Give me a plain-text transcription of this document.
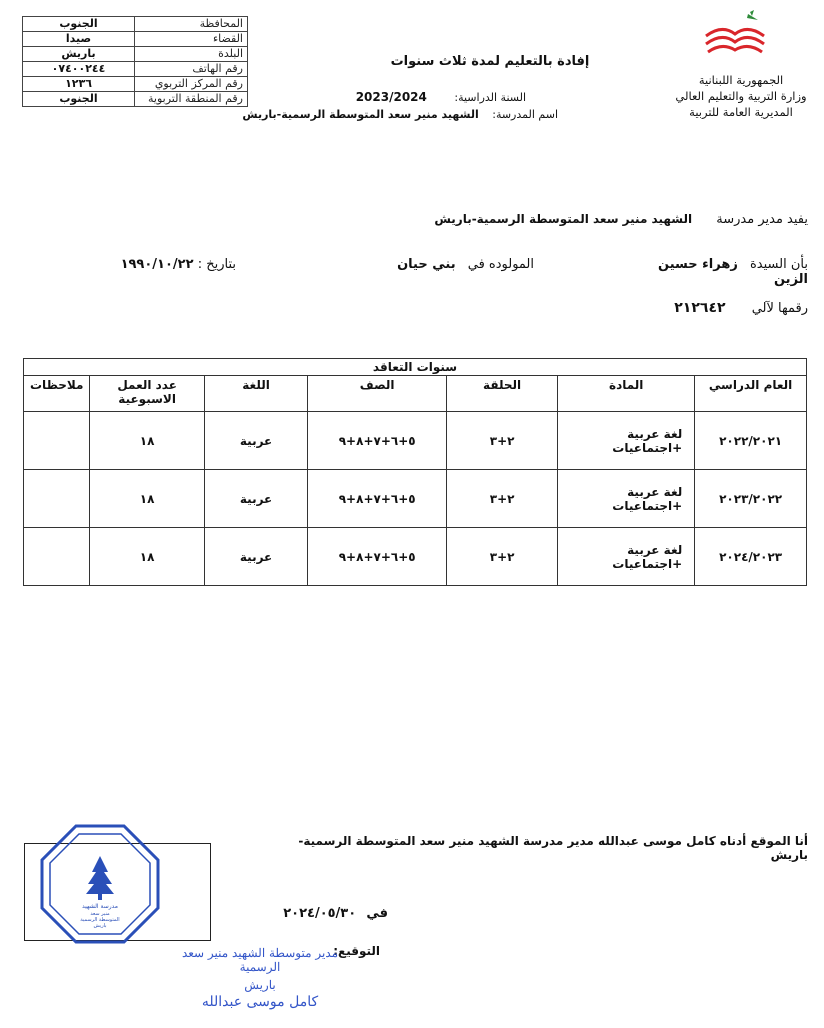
المحافظة	الجنوب
القضاء	صيدا
البلدة	باريش
رقم الهاتف	٠٧٤٠٠٢٤٤
رقم المركز التربوي	١٢٣٦
رقم المنطقة التربوية	الجنوب
إفادة بالتعليم لمدة ثلاث سنوات
السنة الدراسية: 2023/2024
اسم المدرسة: الشهيد منير سعد المتوسطة الرسمية-باريش
الجمهورية اللبنانية
وزارة التربية والتعليم العالي
المديرية العامة للتربية
يفيد مدير مدرسة الشهيد منير سعد المتوسطة الرسمية-باريش
بأن السيدة زهراء حسين الزين
المولوده في بني حيان
بتاريخ : ١٩٩٠/١٠/٢٢
رقمها لآلي ٢١٢٦٤٢
سنوات التعاقد						
العام الدراسي	المادة	الحلقة	الصف	اللغة	عدد العمل
الاسبوعية	ملاحظات
٢٠٢٢/٢٠٢١	لغة عربية +اجتماعيات	٢+٣	٥+٦+٧+٨+٩	عربية	١٨	
٢٠٢٣/٢٠٢٢	لغة عربية +اجتماعيات	٢+٣	٥+٦+٧+٨+٩	عربية	١٨	
٢٠٢٤/٢٠٢٣	لغة عربية +اجتماعيات	٢+٣	٥+٦+٧+٨+٩	عربية	١٨	
أنا الموقع أدناه كامل موسى عبدالله مدير مدرسة الشهيد منير سعد المتوسطة الرسمية-باريش
مدرسة الشهيد
منير سعد
المتوسطة الرسمية
باريش
في ٢٠٢٤/٠٥/٣٠
التوقيع:
مدير متوسطة الشهيد منير سعد الرسمية
باريش
كامل موسى عبدالله
